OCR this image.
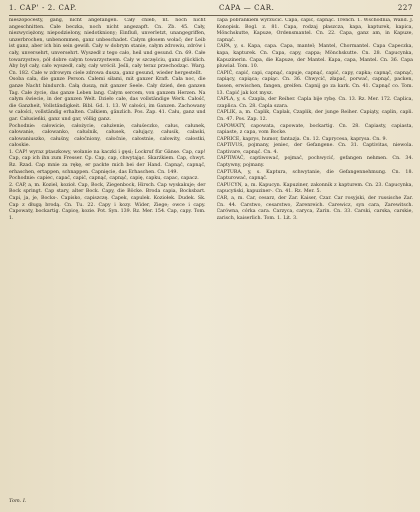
1. CAP' - 2. CAP.	CAPA — CAR.	227

nieszopocesty, gang, nicht angefangen. Cały chleb, nt. noch nicht angeschnitten. Całe beczka, noch nicht angezapft. Cn. Zb. 45. Cały, niezwyciężony, niepodzielony, niedotkniony; Einfluß, unverletzt, unangegriffen, unzerbrochen, unbenommen, ganz unbeschadet. Całym głosem wołać; der Leib ist ganz, aber ich bin sein gewiß. Cały w dobrym stanie, całym zdrowiu, zdrów i cały, unversehrt, unversehrt. Wyszedł z tego cało, heil und gesund. Cn. 69. Całe towarzystwo, pół dobre całym towarzystwem. Cały w szczęściu, ganz glücklich. Aby był cały, cało wyszedł, cały, cały wrócił. Jeśli, cały teraz przechodząc. Warg. Cn. 182. Całe w zdrowym ciele zdrowa dusza, ganz gesund, wieder hergestellt.

Osoba cała, die ganze Person. Całemi siłami, mit ganzer Kraft. Cała noc, die ganze Nacht hindurch. Całą duszą, mit ganzer Seele. Cały dzień, den ganzen Tag. Całe życie, das ganze Leben lang. Całym sercem, von ganzem Herzen. Na całym świecie, in der ganzen Welt. Dzieło całe, das vollständige Werk. Całość, die Ganzheit, Vollständigkeit. Bibl. Gd. 1. 13. W całości, im Ganzen. Zachowany w całości, vollständig erhalten. Całkiem, gänzlich. Pos. Zap. 41. Cału, ganz und gar. Całusieńki, ganz und gar, völlig ganz.

Pochodnie: całowicie, całożycie, całużenie, całuśeczko, całus, całunek, całowanie, całowanko, całuśnik, całusek, całujący, całusik, całaski, całowaniuszko, całuśny, całoćniony, całoćnie, całostnie, całowity, całostki, całoskie.

1. CAP! wyraz ptaszkowy, wołanie na kaczki i gęsi; Lockruf für Gänse. Cap, cap! Cap, cap ich ihn zum Fresser. Cp. Cap, cap, chwytając. Skarżkiem. Cap, chwyt. Rz. Rzad. Cap mnie za rękę, er packte mich bei der Hand. Capnąć, capnąć, erhaschen, ertappen, schnappen. Capnięcie, das Erhaschen. Cn. 149.

Pochodnie: capiec, capać, capić, capnąć, capnąć, capię, capku, capac, capacz.

2. CAP, a, m. Koziel, kozioł. Cap, Bock, Ziegenbock, Hirsch. Cap wyskakuje; der Bock springt. Cap stary, alter Bock. Capy, die Böcke. Broda capia, Bocksbart. Capi, ja, je, Bocks-. Capisko, capiszczę. Capek, capulek. Koziołek. Dudek. Sk. Cap z długą brodą. Cn. Tu. 22. Capy i kozy. Wider, Ziege; owce i capy. Capowaty, bockartig. Capicę, kozie. Pot. Syn. 139. Rz. Mer. 154. Cap, capy. Tom. 1.

capa pobrankiem wyrzucić. Capa, capić, capnąć. Trench. 1. Wschodnia, Wand. J. Konopisk. Bogl. z. 81. Capa, rodzaj płaszcza, kapa, kapturek, kapica, Mönchskutte, Kapuze, Ordensmantel. Cn. 22. Capa, ganz am, in Kapuze, capnąć.

CAPA, y, s. Kapa, capa. Capa, mantel; Mantel, Chormantel. Capa Capeczka, kapa, kapturek. Cn. Capa, capy, cappa; Mönchskutte. Cn. 28. Capucynka, Kapuzinerin. Capa, die Kapuze, der Mantel. Kapa, capa, Mantel. Cn. 36. Capa pluwiał. Tom. 10.

CAPIĆ, capić, capi, capnąć, capuje, capnąć, capić, capy, capka; capnąć, capnąć, capiący, capiąca; capiąc. Cn. 36. Chwycić, złapać, porwać, capnąć, packen, fassen, erwischen, fangen, greifen. Capnij go za kark. Cn. 41. Capnąć co. Tom. 13. Capić jak kot mysz.

CAPLA, y, s. Czapla, der Reiher. Capla bije rybę. Cn. 13. Rz. Mer. 172. Caplica, czaplica. Cn. 28. Capla szara.

CAPLIK, a, m. Caplik, Caplak, Czaplik, der junge Reiher. Capiąty, caplin, capli. Cn. 47. Pos. Zap. 12.

CAPOWATY, capowata, capowate, bockartig. Cn. 28. Capiasty, capiasta, capiaste, z capa, vom Bocke.

CAPRICE, kaprys, humor, fantazja. Cn. 12. Caprycesa, kaprysa. Cn. 9.

CAPTIVUS, pojmany, jeniec, der Gefangene. Cn. 31. Captivitas, niewola. Captivare, capnąć. Cn. 4.

CAPTIWAĆ, captiwować, pojmać, pochwycić, gefangen nehmen. Cn. 34. Captywny, pojmany.

CAPTURA, y, s. Kaptura, schwytanie, die Gefangennehmung. Cn. 18. Capturować, capnąć.

CAPUCYN, a, m. Kapucyn. Kapuziner, zakonnik z kapturem. Cn. 23. Capucynka, capucyński, kapuziner-. Cn. 41. Rz. Mer. 5.

CAR, a, m. Car, cesarz, der Zar. Kaiser, Czar. Car rosyjski, der russische Zar. Cn. 44. Carstwo, cesarstwo, Zarenreich. Carewicz, syn cara, Zarewitsch. Carówna, córka cara. Carzyca, caryca, Zarin. Cn. 33. Carski, carska, carskie, zarisch, kaiserlich. Tom. 1. Lit. 3.

Tom. I.
